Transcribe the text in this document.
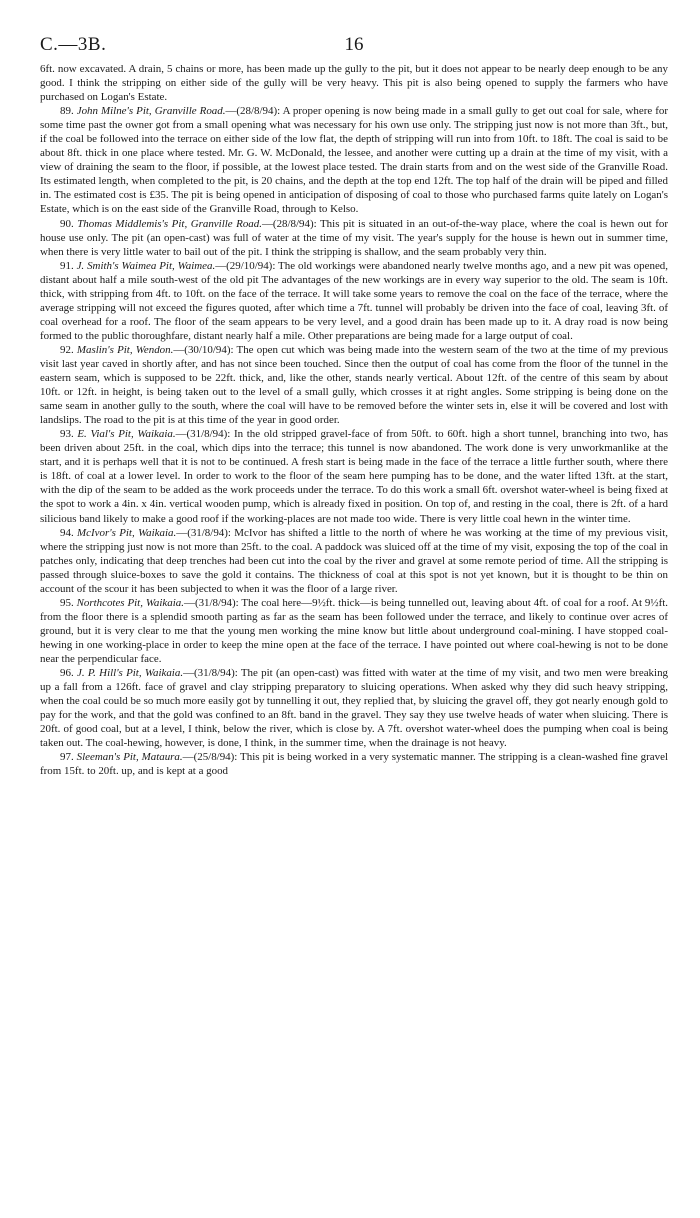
C.—3B.	16

6ft. now excavated. A drain, 5 chains or more, has been made up the gully to the pit, but it does not appear to be nearly deep enough to be any good. I think the stripping on either side of the gully will be very heavy. This pit is also being opened to supply the farmers who have purchased on Logan's Estate.

89. John Milne's Pit, Granville Road.—(28/8/94): A proper opening is now being made in a small gully to get out coal for sale, where for some time past the owner got from a small opening what was necessary for his own use only. The stripping just now is not more than 3ft., but, if the coal be followed into the terrace on either side of the low flat, the depth of stripping will run into from 10ft. to 18ft. The coal is said to be about 8ft. thick in one place where tested. Mr. G. W. McDonald, the lessee, and another were cutting up a drain at the time of my visit, with a view of draining the seam to the floor, if possible, at the lowest place tested. The drain starts from and on the west side of the Granville Road. Its estimated length, when completed to the pit, is 20 chains, and the depth at the top end 12ft. The top half of the drain will be piped and filled in. The estimated cost is £35. The pit is being opened in anticipation of disposing of coal to those who purchased farms quite lately on Logan's Estate, which is on the east side of the Granville Road, through to Kelso.

90. Thomas Middlemis's Pit, Granville Road.—(28/8/94): This pit is situated in an out-of-the-way place, where the coal is hewn out for house use only. The pit (an open-cast) was full of water at the time of my visit. The year's supply for the house is hewn out in summer time, when there is very little water to bail out of the pit. I think the stripping is shallow, and the seam probably very thin.

91. J. Smith's Waimea Pit, Waimea.—(29/10/94): The old workings were abandoned nearly twelve months ago, and a new pit was opened, distant about half a mile south-west of the old pit The advantages of the new workings are in every way superior to the old. The seam is 10ft. thick, with stripping from 4ft. to 10ft. on the face of the terrace. It will take some years to remove the coal on the face of the terrace, where the average stripping will not exceed the figures quoted, after which time a 7ft. tunnel will probably be driven into the face of coal, leaving 3ft. of coal overhead for a roof. The floor of the seam appears to be very level, and a good drain has been made up to it. A dray road is now being formed to the public thoroughfare, distant nearly half a mile. Other preparations are being made for a large output of coal.

92. Maslin's Pit, Wendon.—(30/10/94): The open cut which was being made into the western seam of the two at the time of my previous visit last year caved in shortly after, and has not since been touched. Since then the output of coal has come from the floor of the tunnel in the eastern seam, which is supposed to be 22ft. thick, and, like the other, stands nearly vertical. About 12ft. of the centre of this seam by about 10ft. or 12ft. in height, is being taken out to the level of a small gully, which crosses it at right angles. Some stripping is being done on the same seam in another gully to the south, where the coal will have to be removed before the winter sets in, else it will be covered and lost with landslips. The road to the pit is at this time of the year in good order.

93. E. Vial's Pit, Waikaia.—(31/8/94): In the old stripped gravel-face of from 50ft. to 60ft. high a short tunnel, branching into two, has been driven about 25ft. in the coal, which dips into the terrace; this tunnel is now abandoned. The work done is very unworkmanlike at the start, and it is perhaps well that it is not to be continued. A fresh start is being made in the face of the terrace a little further south, where there is 18ft. of coal at a lower level. In order to work to the floor of the seam here pumping has to be done, and the water lifted 13ft. at the start, with the dip of the seam to be added as the work proceeds under the terrace. To do this work a small 6ft. overshot water-wheel is being fixed at the spot to work a 4in. x 4in. vertical wooden pump, which is already fixed in position. On top of, and resting in the coal, there is 2ft. of a hard silicious band likely to make a good roof if the working-places are not made too wide. There is very little coal hewn in the winter time.

94. McIvor's Pit, Waikaia.—(31/8/94): McIvor has shifted a little to the north of where he was working at the time of my previous visit, where the stripping just now is not more than 25ft. to the coal. A paddock was sluiced off at the time of my visit, exposing the top of the coal in patches only, indicating that deep trenches had been cut into the coal by the river and gravel at some remote period of time. All the stripping is passed through sluice-boxes to save the gold it contains. The thickness of coal at this spot is not yet known, but it is thought to be thin on account of the scour it has been subjected to when it was the floor of a large river.

95. Northcotes Pit, Waikaia.—(31/8/94): The coal here—9½ft. thick—is being tunnelled out, leaving about 4ft. of coal for a roof. At 9½ft. from the floor there is a splendid smooth parting as far as the seam has been followed under the terrace, and likely to continue over acres of ground, but it is very clear to me that the young men working the mine know but little about underground coal-mining. I have stopped coal-hewing in one working-place in order to keep the mine open at the face of the terrace. I have pointed out where coal-hewing is not to be done near the perpendicular face.

96. J. P. Hill's Pit, Waikaia.—(31/8/94): The pit (an open-cast) was fitted with water at the time of my visit, and two men were breaking up a fall from a 126ft. face of gravel and clay stripping preparatory to sluicing operations. When asked why they did such heavy stripping, when the coal could be so much more easily got by tunnelling it out, they replied that, by sluicing the gravel off, they got nearly enough gold to pay for the work, and that the gold was confined to an 8ft. band in the gravel. They say they use twelve heads of water when sluicing. There is 20ft. of good coal, but at a level, I think, below the river, which is close by. A 7ft. overshot water-wheel does the pumping when coal is being taken out. The coal-hewing, however, is done, I think, in the summer time, when the drainage is not heavy.

97. Sleeman's Pit, Mataura.—(25/8/94): This pit is being worked in a very systematic manner. The stripping is a clean-washed fine gravel from 15ft. to 20ft. up, and is kept at a good
